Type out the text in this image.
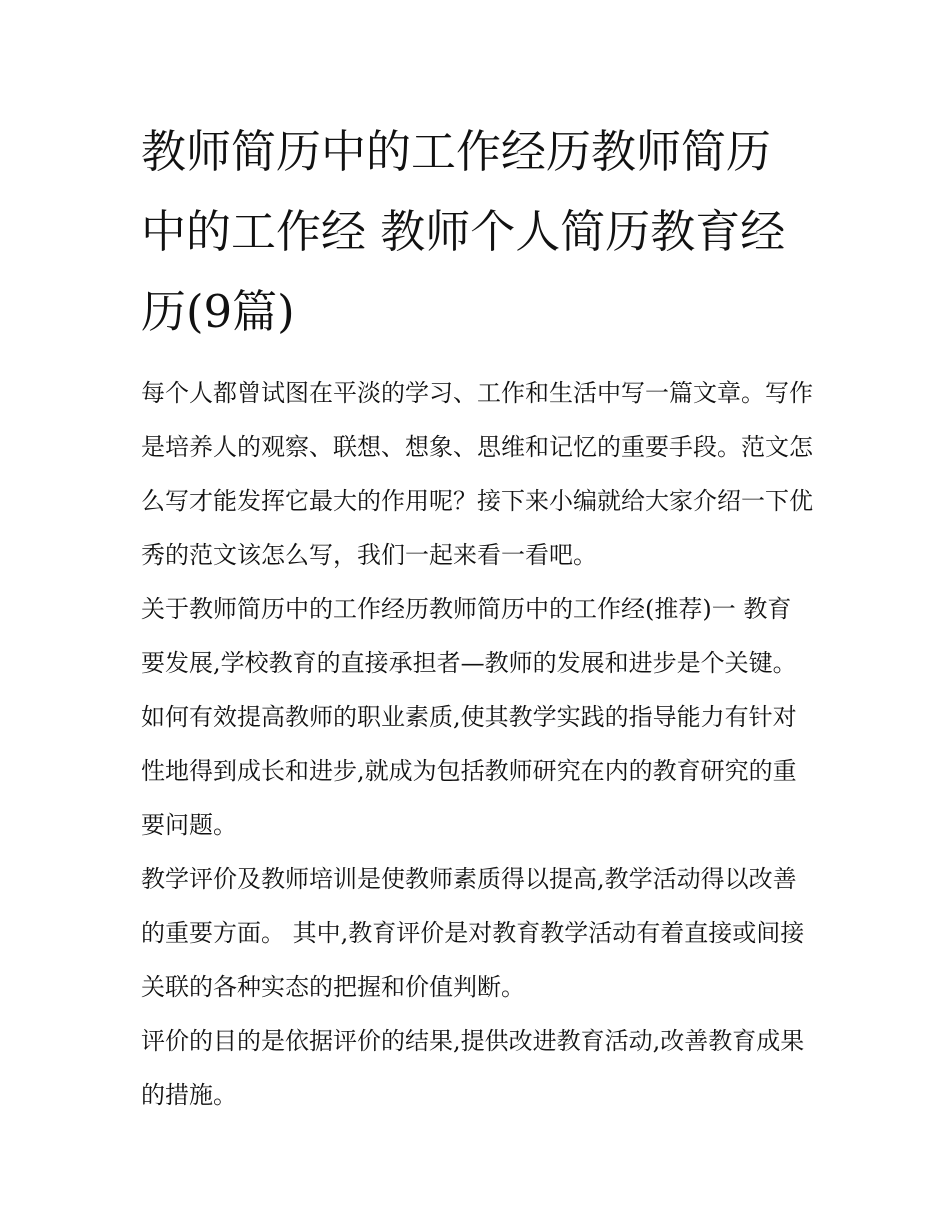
教师简历中的工作经历教师简历中的工作经 教师个人简历教育经历(9篇)

每个人都曾试图在平淡的学习、工作和生活中写一篇文章。写作是培养人的观察、联想、想象、思维和记忆的重要手段。范文怎么写才能发挥它最大的作用呢？接下来小编就给大家介绍一下优秀的范文该怎么写，我们一起来看一看吧。

关于教师简历中的工作经历教师简历中的工作经(推荐)一 教育要发展,学校教育的直接承担者—教师的发展和进步是个关键。

如何有效提高教师的职业素质,使其教学实践的指导能力有针对性地得到成长和进步,就成为包括教师研究在内的教育研究的重要问题。

教学评价及教师培训是使教师素质得以提高,教学活动得以改善的重要方面。 其中,教育评价是对教育教学活动有着直接或间接关联的各种实态的把握和价值判断。

评价的目的是依据评价的结果,提供改进教育活动,改善教育成果的措施。
